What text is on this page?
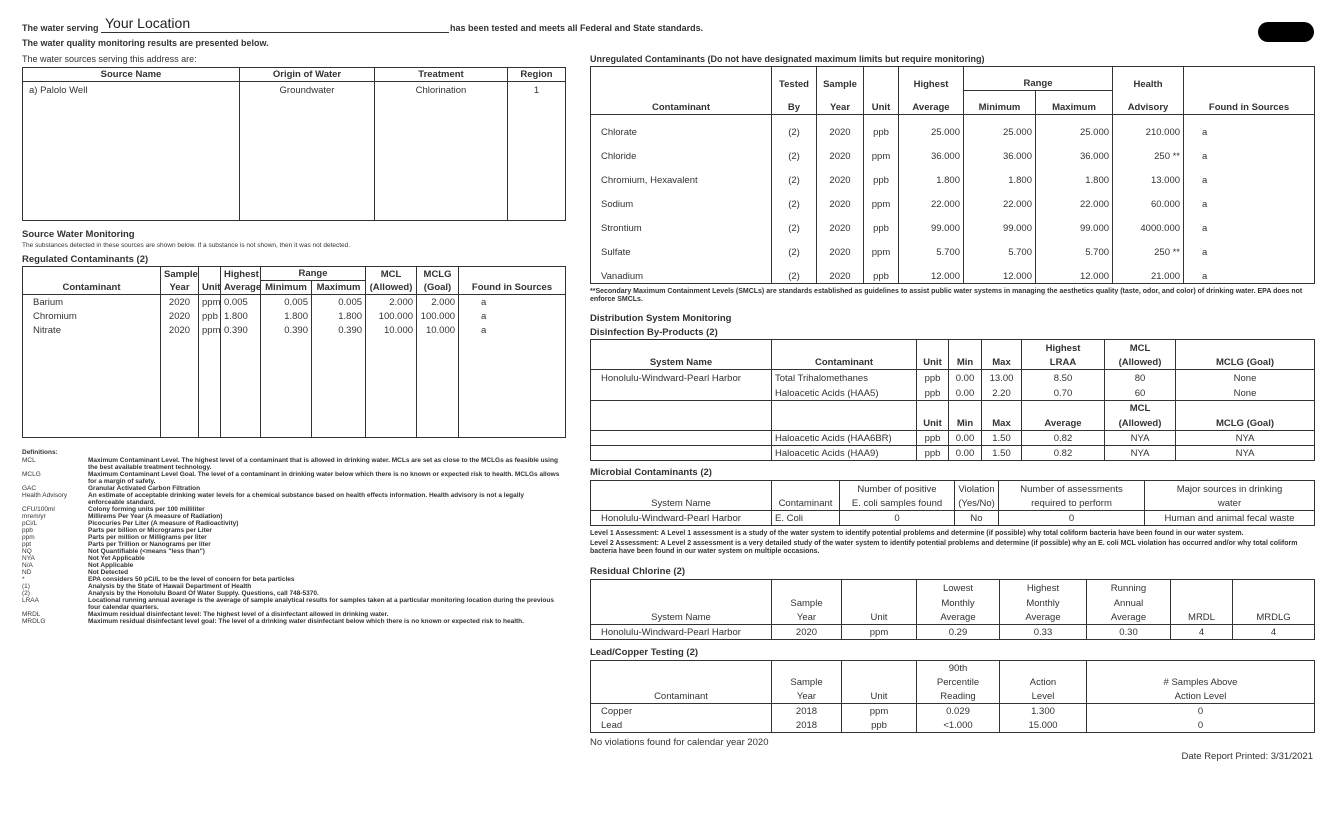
The water serving Your Location	has been tested and meets all Federal and State standards.
The water quality monitoring results are presented below.
The water sources serving this address are:
Source Name	Origin of Water	Treatment	Region
a) Palolo Well	Groundwater	Chlorination	1
Source Water Monitoring
The substances detected in these sources are shown below. If a substance is not shown, then it was not detected.
Regulated Contaminants (2)
	Sample		Highest	Range		MCL	MCLG	
Contaminant	Year	Unit	Average	Minimum	Maximum	(Allowed)	(Goal)	Found in Sources
Barium	2020	ppm	0.005	0.005	0.005	2.000	2.000	a
Chromium	2020	ppb	1.800	1.800	1.800	100.000	100.000	a
Nitrate	2020	ppm	0.390	0.390	0.390	10.000	10.000	a

Definitions:
MCL	Maximum Contaminant Level. The highest level of a contaminant that is allowed in drinking water. MCLs are set as close to the MCLGs as feasible using the best available treatment technology.
MCLG	Maximum Contaminant Level Goal. The level of a contaminant in drinking water below which there is no known or expected risk to health. MCLGs allows for a margin of safety.
GAC	Granular Activated Carbon Filtration
Health Advisory	An estimate of acceptable drinking water levels for a chemical substance based on health effects information. Health advisory is not a legally enforceable standard.
CFU/100ml	Colony forming units per 100 milliliter
mrem/yr	Millirems Per Year (A measure of Radiation)
pCi/L	Picocuries Per Liter (A measure of Radioactivity)
ppb	Parts per billion or Micrograms per Liter
ppm	Parts per million or Milligrams per liter
ppt	Parts per Trillion or Nanograms per liter
NQ	Not Quantifiable (<means "less than")
NYA	Not Yet Applicable
N/A	Not Applicable
ND	Not Detected
*	EPA considers 50 pCi/L to be the level of concern for beta particles
(1)	Analysis by the State of Hawaii Department of Health
(2)	Analysis by the Honolulu Board Of Water Supply. Questions, call 748-5370.
LRAA	Locational running annual average is the average of sample analytical results for samples taken at a particular monitoring location during the previous four calendar quarters.
MRDL	Maximum residual disinfectant level: The highest level of a disinfectant allowed in drinking water.
MRDLG	Maximum residual disinfectant level goal: The level of a drinking water disinfectant below which there is no known or expected risk to health.
Unregulated Contaminants (Do not have designated maximum limits but require monitoring)
	Tested	Sample		Highest	Range		Health	
Contaminant	By	Year	Unit	Average	Minimum	Maximum	Advisory	Found in Sources
Chlorate	(2)	2020	ppb	25.000	25.000	25.000	210.000	a
Chloride	(2)	2020	ppm	36.000	36.000	36.000	250 **	a
Chromium, Hexavalent	(2)	2020	ppb	1.800	1.800	1.800	13.000	a
Sodium	(2)	2020	ppm	22.000	22.000	22.000	60.000	a
Strontium	(2)	2020	ppb	99.000	99.000	99.000	4000.000	a
Sulfate	(2)	2020	ppm	5.700	5.700	5.700	250 **	a
Vanadium	(2)	2020	ppb	12.000	12.000	12.000	21.000	a

**Secondary Maximum Containment Levels (SMCLs) are standards established as guidelines to assist public water systems in managing the aesthetics quality (taste, odor, and color) of drinking water. EPA does not enforce SMCLs.
Distribution System Monitoring
Disinfection By-Products (2)
					Highest	MCL	
System Name	Contaminant	Unit	Min	Max	LRAA	(Allowed)	MCLG (Goal)
Honolulu-Windward-Pearl Harbor	Total Trihalomethanes	ppb	0.00	13.00	8.50	80	None
	Haloacetic Acids (HAA5)	ppb	0.00	2.20	0.70	60	None
						MCL	
		Unit	Min	Max	Average	(Allowed)	MCLG (Goal)
	Haloacetic Acids (HAA6BR)	ppb	0.00	1.50	0.82	NYA	NYA
	Haloacetic Acids (HAA9)	ppb	0.00	1.50	0.82	NYA	NYA
Microbial Contaminants (2)
		Number of positive	Violation	Number of assessments	Major sources in drinking
System Name	Contaminant	E. coli samples found	(Yes/No)	required to perform	water
Honolulu-Windward-Pearl Harbor	E. Coli	0	No	0	Human and animal fecal waste
Level 1 Assessment: A Level 1 assessment is a study of the water system to identify potential problems and determine (if possible) why total coliform bacteria have been found in our water system.
Level 2 Assessment: A Level 2 assessment is a very detailed study of the water system to identify potential problems and determine (if possible) why an E. coli MCL violation has occurred and/or why total coliform bacteria have been found in our water system on multiple occasions.
Residual Chlorine (2)
			Lowest	Highest	Running		
	Sample		Monthly	Monthly	Annual		
System Name	Year	Unit	Average	Average	Average	MRDL	MRDLG
Honolulu-Windward-Pearl Harbor	2020	ppm	0.29	0.33	0.30	4	4
Lead/Copper Testing (2)
			90th		
	Sample		Percentile	Action	# Samples Above
Contaminant	Year	Unit	Reading	Level	Action Level
Copper	2018	ppm	0.029	1.300	0
Lead	2018	ppb	<1.000	15.000	0
No violations found for calendar year 2020
Date Report Printed: 3/31/2021
